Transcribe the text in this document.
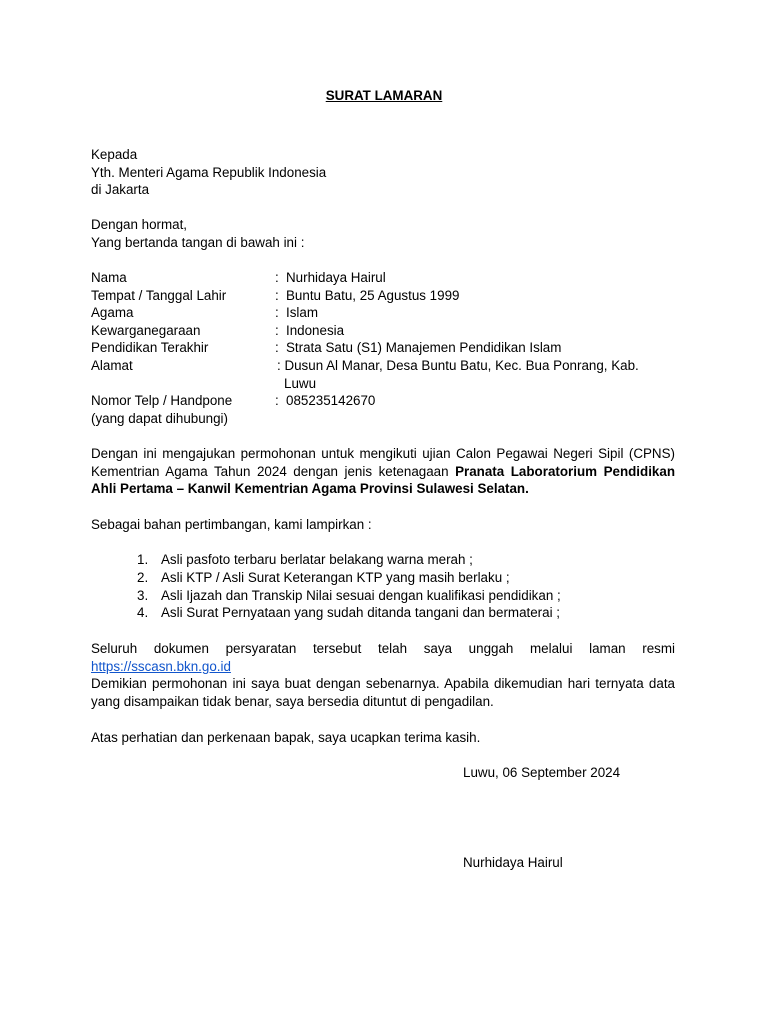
SURAT LAMARAN
Kepada
Yth. Menteri Agama Republik Indonesia
di Jakarta
Dengan hormat,
Yang bertanda tangan di bawah ini :
Nama	: Nurhidaya Hairul
Tempat / Tanggal Lahir	: Buntu Batu, 25 Agustus 1999
Agama	: Islam
Kewarganegaraan	: Indonesia
Pendidikan Terakhir	: Strata Satu (S1) Manajemen Pendidikan Islam
Alamat	: Dusun Al Manar, Desa Buntu Batu, Kec. Bua Ponrang, Kab.
Luwu
Nomor Telp / Handpone	: 085235142670
(yang dapat dihubungi)
Dengan ini mengajukan permohonan untuk mengikuti ujian Calon Pegawai Negeri Sipil (CPNS) Kementrian Agama Tahun 2024 dengan jenis ketenagaan Pranata Laboratorium Pendidikan Ahli Pertama – Kanwil Kementrian Agama Provinsi Sulawesi Selatan.
Sebagai bahan pertimbangan, kami lampirkan :
1. Asli pasfoto terbaru berlatar belakang warna merah ;
2. Asli KTP / Asli Surat Keterangan KTP yang masih berlaku ;
3. Asli Ijazah dan Transkip Nilai sesuai dengan kualifikasi pendidikan ;
4. Asli Surat Pernyataan yang sudah ditanda tangani dan bermaterai ;
Seluruh dokumen persyaratan tersebut telah saya unggah melalui laman resmi
https://sscasn.bkn.go.id
Demikian permohonan ini saya buat dengan sebenarnya. Apabila dikemudian hari ternyata data yang disampaikan tidak benar, saya bersedia dituntut di pengadilan.
Atas perhatian dan perkenaan bapak, saya ucapkan terima kasih.
Luwu, 06 September 2024
Nurhidaya Hairul
